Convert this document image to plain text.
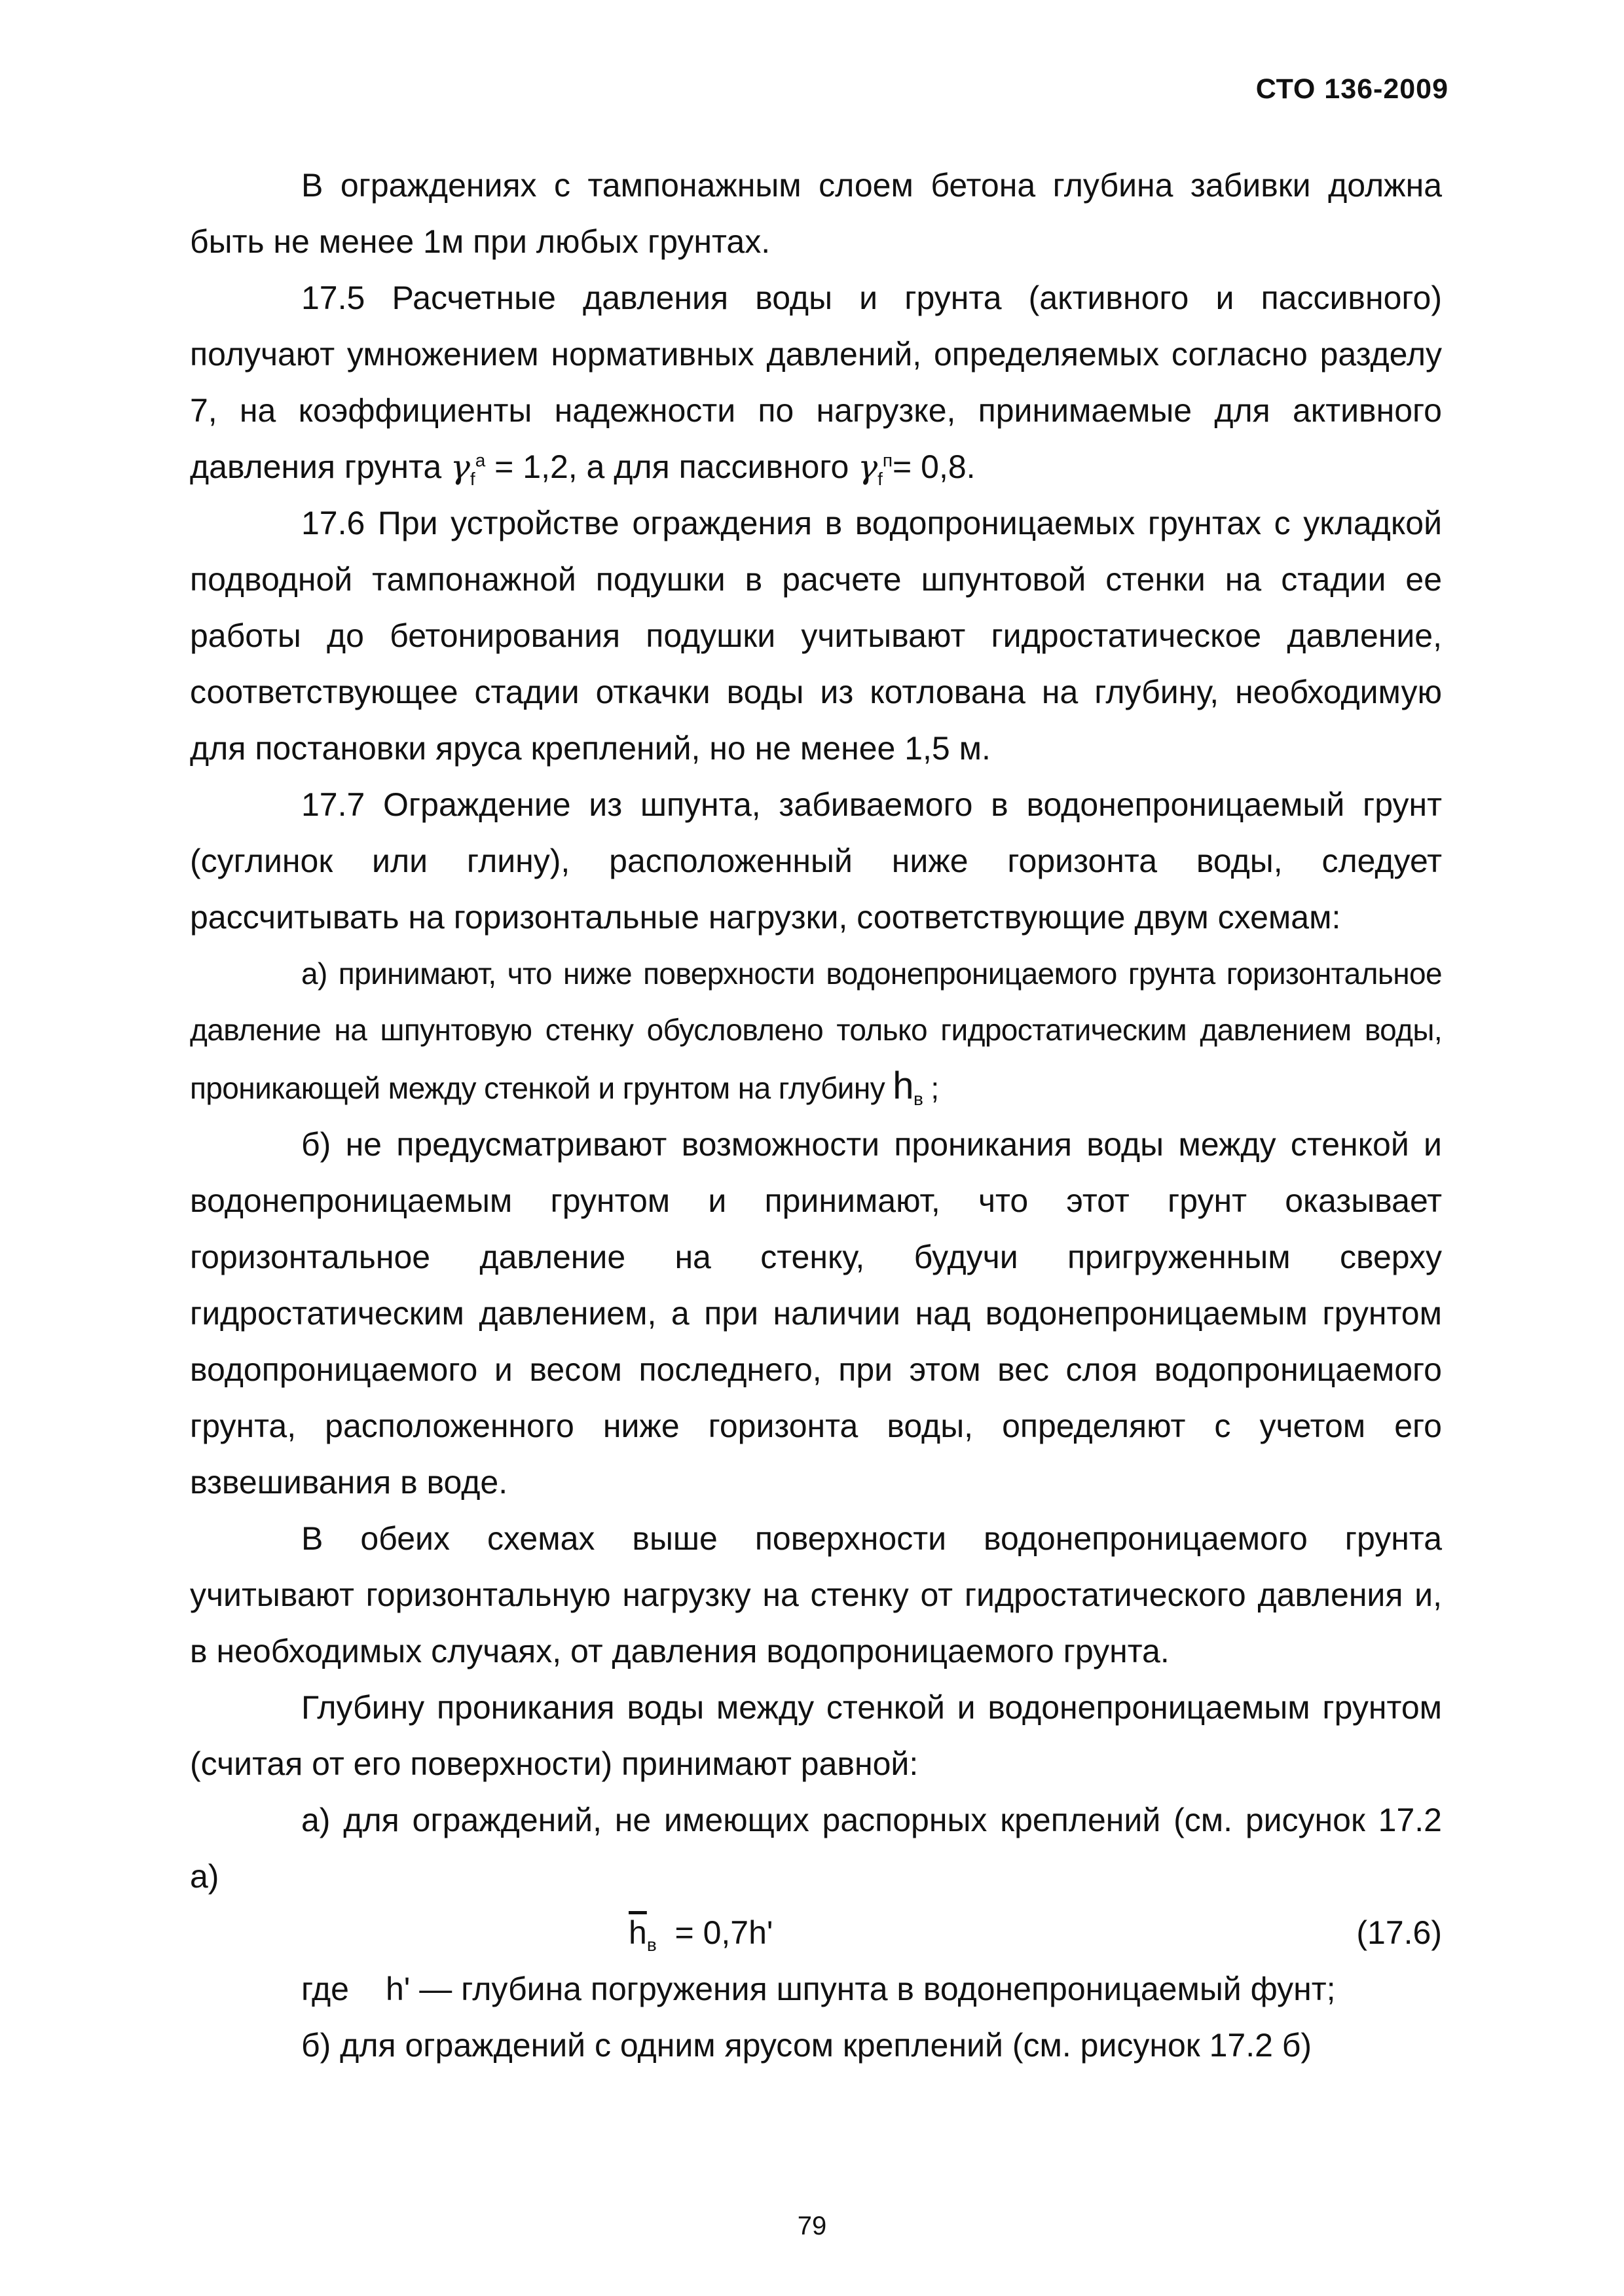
СТО 136-2009

В ограждениях с тампонажным слоем бетона глубина забивки должна быть не менее 1м при любых грунтах.

17.5 Расчетные давления воды и грунта (активного и пассивного) получают умножением нормативных давлений, определяемых согласно разделу 7, на коэффициенты надежности по нагрузке, принимаемые для активного давления грунта $\gamma_f^a = 1,2$, а для пассивного $\gamma_f^п= 0,8$.

17.6 При устройстве ограждения в водопроницаемых грунтах с укладкой подводной тампонажной подушки в расчете шпунтовой стенки на стадии ее работы до бетонирования подушки учитывают гидростатическое давление, соответствующее стадии откачки воды из котлована на глубину, необходимую для постановки яруса креплений, но не менее 1,5 м.

17.7 Ограждение из шпунта, забиваемого в водонепроницаемый грунт (суглинок или глину), расположенный ниже горизонта воды, следует рассчитывать на горизонтальные нагрузки, соответствующие двум схемам:

а) принимают, что ниже поверхности водонепроницаемого грунта горизонтальное давление на шпунтовую стенку обусловлено только гидростатическим давлением воды, проникающей между стенкой и грунтом на глубину $h_в$ ;

б) не предусматривают возможности проникания воды между стенкой и водонепроницаемым грунтом и принимают, что этот грунт оказывает горизонтальное давление на стенку, будучи пригруженным сверху гидростатическим давлением, а при наличии над водонепроницаемым грунтом водопроницаемого и весом последнего, при этом вес слоя водопроницаемого грунта, расположенного ниже горизонта воды, определяют с учетом его взвешивания в воде.

В обеих схемах выше поверхности водонепроницаемого грунта учитывают горизонтальную нагрузку на стенку от гидростатического давления и, в необходимых случаях, от давления водопроницаемого грунта.

Глубину проникания воды между стенкой и водонепроницаемым грунтом (считая от его поверхности) принимают равной:

а) для ограждений, не имеющих распорных креплений (см. рисунок 17.2 а)

$\overline{h}_в = 0,7h'$	(17.6)
где h' — глубина погружения шпунта в водонепроницаемый фунт;

б) для ограждений с одним ярусом креплений (см. рисунок 17.2 б)

79
